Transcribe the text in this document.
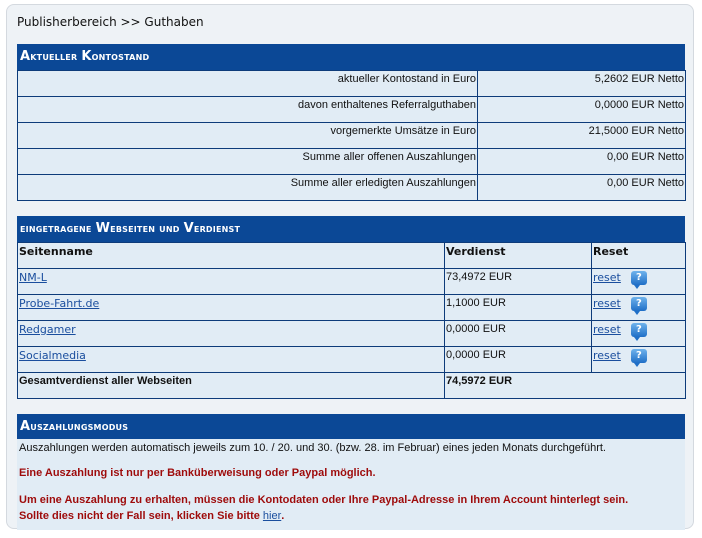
Publisherbereich >> Guthaben
Aktueller Kontostand
aktueller Kontostand in Euro	5,2602 EUR Netto
davon enthaltenes Referralguthaben	0,0000 EUR Netto
vorgemerkte Umsätze in Euro	21,5000 EUR Netto
Summe aller offenen Auszahlungen	0,00 EUR Netto
Summe aller erledigten Auszahlungen	0,00 EUR Netto
eingetragene Webseiten und Verdienst
Seitenname	Verdienst	Reset
NM-L	73,4972 EUR	reset ?
Probe-Fahrt.de	1,1000 EUR	reset ?
Redgamer	0,0000 EUR	reset ?
Socialmedia	0,0000 EUR	reset ?
Gesamtverdienst aller Webseiten	74,5972 EUR	
Auszahlungsmodus
Auszahlungen werden automatisch jeweils zum 10. / 20. und 30. (bzw. 28. im Februar) eines jeden Monats durchgeführt.
Eine Auszahlung ist nur per Banküberweisung oder Paypal möglich.
Um eine Auszahlung zu erhalten, müssen die Kontodaten oder Ihre Paypal-Adresse in Ihrem Account hinterlegt sein.
Sollte dies nicht der Fall sein, klicken Sie bitte hier.
